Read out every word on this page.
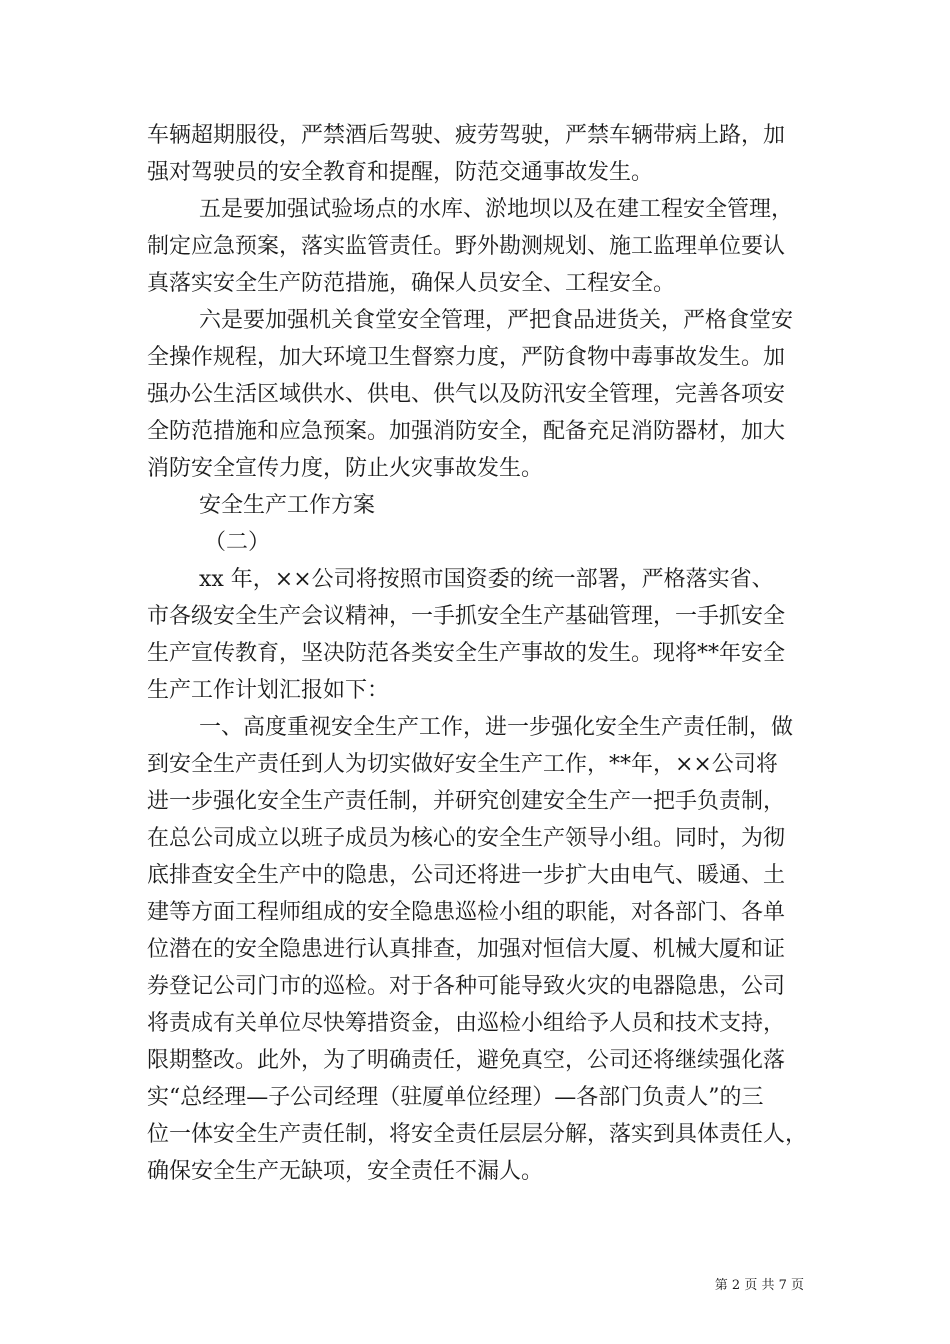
车辆超期服役，严禁酒后驾驶、疲劳驾驶，严禁车辆带病上路，加
强对驾驶员的安全教育和提醒，防范交通事故发生。
五是要加强试验场点的水库、淤地坝以及在建工程安全管理，
制定应急预案，落实监管责任。野外勘测规划、施工监理单位要认
真落实安全生产防范措施，确保人员安全、工程安全。
六是要加强机关食堂安全管理，严把食品进货关，严格食堂安
全操作规程，加大环境卫生督察力度，严防食物中毒事故发生。加
强办公生活区域供水、供电、供气以及防汛安全管理，完善各项安
全防范措施和应急预案。加强消防安全，配备充足消防器材，加大
消防安全宣传力度，防止火灾事故发生。
安全生产工作方案
（二）
xx 年，××公司将按照市国资委的统一部署，严格落实省、
市各级安全生产会议精神，一手抓安全生产基础管理，一手抓安全
生产宣传教育，坚决防范各类安全生产事故的发生。现将**年安全
生产工作计划汇报如下：
一、高度重视安全生产工作，进一步强化安全生产责任制，做
到安全生产责任到人为切实做好安全生产工作，**年，××公司将
进一步强化安全生产责任制，并研究创建安全生产一把手负责制，
在总公司成立以班子成员为核心的安全生产领导小组。同时，为彻
底排查安全生产中的隐患，公司还将进一步扩大由电气、暖通、土
建等方面工程师组成的安全隐患巡检小组的职能，对各部门、各单
位潜在的安全隐患进行认真排查，加强对恒信大厦、机械大厦和证
券登记公司门市的巡检。对于各种可能导致火灾的电器隐患，公司
将责成有关单位尽快筹措资金，由巡检小组给予人员和技术支持，
限期整改。此外，为了明确责任，避免真空，公司还将继续强化落
实“总经理—子公司经理（驻厦单位经理）—各部门负责人”的三
位一体安全生产责任制，将安全责任层层分解，落实到具体责任人，
确保安全生产无缺项，安全责任不漏人。
第 2 页 共 7 页
